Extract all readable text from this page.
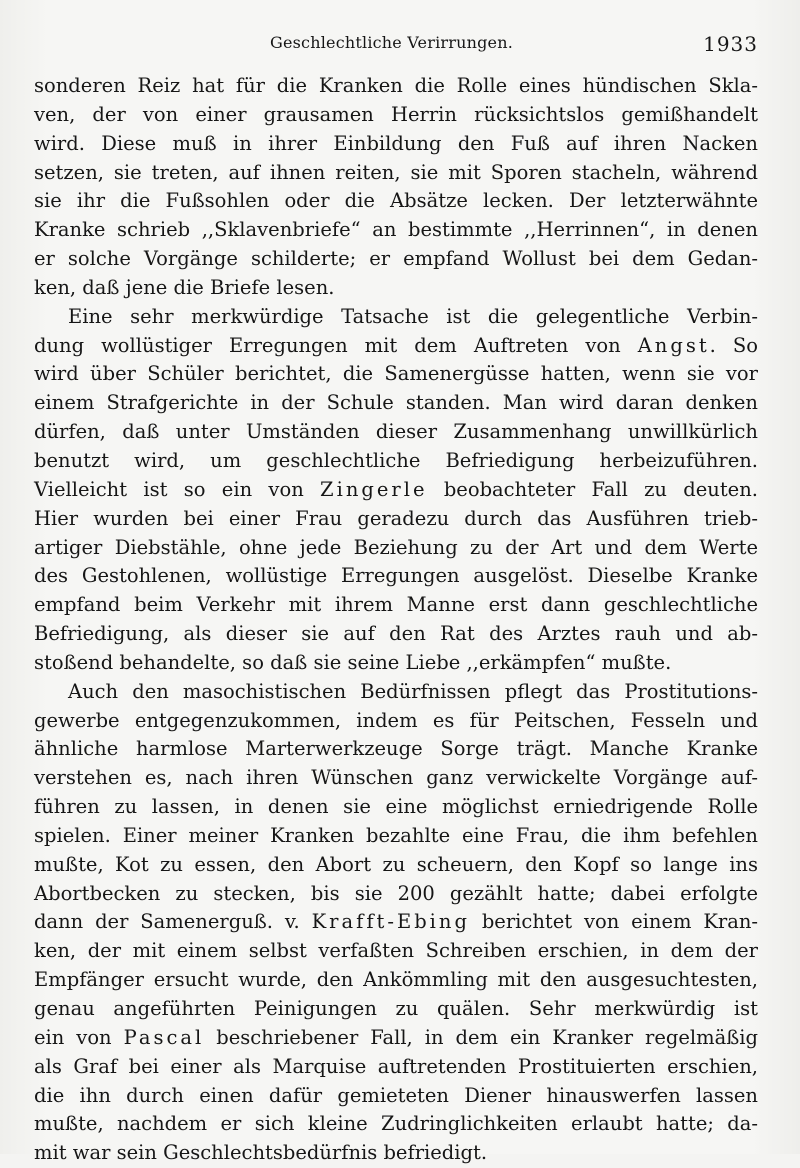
Geschlechtliche Verirrungen.	1933
sonderen Reiz hat für die Kranken die Rolle eines hündischen Skla-
ven, der von einer grausamen Herrin rücksichtslos gemißhandelt
wird. Diese muß in ihrer Einbildung den Fuß auf ihren Nacken
setzen, sie treten, auf ihnen reiten, sie mit Sporen stacheln, während
sie ihr die Fußsohlen oder die Absätze lecken. Der letzterwähnte
Kranke schrieb ,,Sklavenbriefe“ an bestimmte ,,Herrinnen“, in denen
er solche Vorgänge schilderte; er empfand Wollust bei dem Gedan-
ken, daß jene die Briefe lesen.
Eine sehr merkwürdige Tatsache ist die gelegentliche Verbin-
dung wollüstiger Erregungen mit dem Auftreten von Angst. So
wird über Schüler berichtet, die Samenergüsse hatten, wenn sie vor
einem Strafgerichte in der Schule standen. Man wird daran denken
dürfen, daß unter Umständen dieser Zusammenhang unwillkürlich
benutzt wird, um geschlechtliche Befriedigung herbeizuführen.
Vielleicht ist so ein von Zingerle beobachteter Fall zu deuten.
Hier wurden bei einer Frau geradezu durch das Ausführen trieb-
artiger Diebstähle, ohne jede Beziehung zu der Art und dem Werte
des Gestohlenen, wollüstige Erregungen ausgelöst. Dieselbe Kranke
empfand beim Verkehr mit ihrem Manne erst dann geschlechtliche
Befriedigung, als dieser sie auf den Rat des Arztes rauh und ab-
stoßend behandelte, so daß sie seine Liebe ,,erkämpfen“ mußte.
Auch den masochistischen Bedürfnissen pflegt das Prostitutions-
gewerbe entgegenzukommen, indem es für Peitschen, Fesseln und
ähnliche harmlose Marterwerkzeuge Sorge trägt. Manche Kranke
verstehen es, nach ihren Wünschen ganz verwickelte Vorgänge auf-
führen zu lassen, in denen sie eine möglichst erniedrigende Rolle
spielen. Einer meiner Kranken bezahlte eine Frau, die ihm befehlen
mußte, Kot zu essen, den Abort zu scheuern, den Kopf so lange ins
Abortbecken zu stecken, bis sie 200 gezählt hatte; dabei erfolgte
dann der Samenerguß. v. Krafft-Ebing berichtet von einem Kran-
ken, der mit einem selbst verfaßten Schreiben erschien, in dem der
Empfänger ersucht wurde, den Ankömmling mit den ausgesuchtesten,
genau angeführten Peinigungen zu quälen. Sehr merkwürdig ist
ein von Pascal beschriebener Fall, in dem ein Kranker regelmäßig
als Graf bei einer als Marquise auftretenden Prostituierten erschien,
die ihn durch einen dafür gemieteten Diener hinauswerfen lassen
mußte, nachdem er sich kleine Zudringlichkeiten erlaubt hatte; da-
mit war sein Geschlechtsbedürfnis befriedigt.
